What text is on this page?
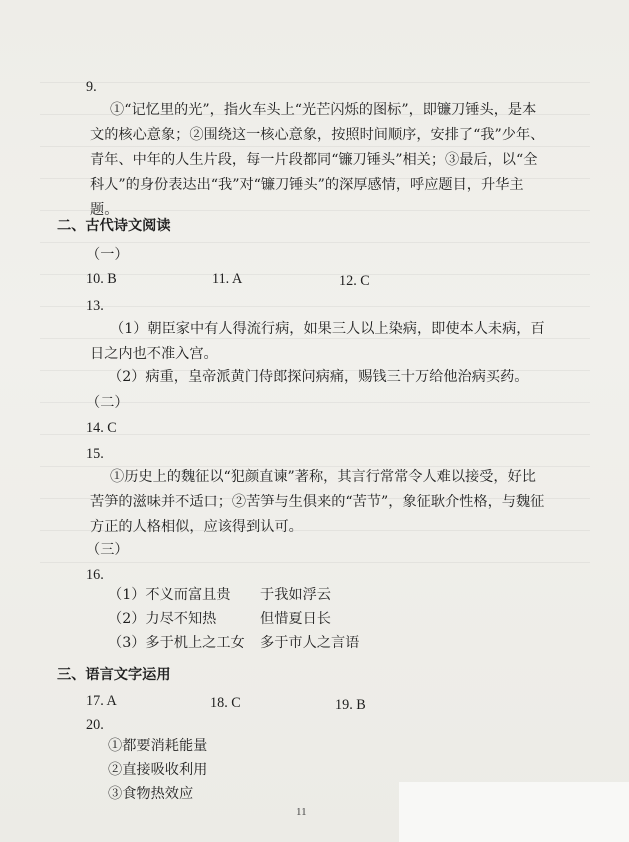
9.
①“记忆里的光”，指火车头上“光芒闪烁的图标”，即镰刀锤头，是本文的核心意象；②围绕这一核心意象，按照时间顺序，安排了“我”少年、青年、中年的人生片段，每一片段都同“镰刀锤头”相关；③最后，以“全科人”的身份表达出“我”对“镰刀锤头”的深厚感情，呼应题目，升华主题。
二、古代诗文阅读
（一）
10. B	11. A	12. C
13.
（1）朝臣家中有人得流行病，如果三人以上染病，即使本人未病，百日之内也不准入宫。
（2）病重，皇帝派黄门侍郎探问病痛，赐钱三十万给他治病买药。
（二）
14. C
15.
①历史上的魏征以“犯颜直谏”著称，其言行常常令人难以接受，好比苦笋的滋味并不适口；②苦笋与生俱来的“苦节”，象征耿介性格，与魏征方正的人格相似，应该得到认可。
（三）
16.
（1）不义而富且贵 于我如浮云
（2）力尽不知热	但惜夏日长
（3）多于机上之工女 多于市人之言语
三、语言文字运用
17. A	18. C	19. B
20.
①都要消耗能量
②直接吸收利用
③食物热效应
11
